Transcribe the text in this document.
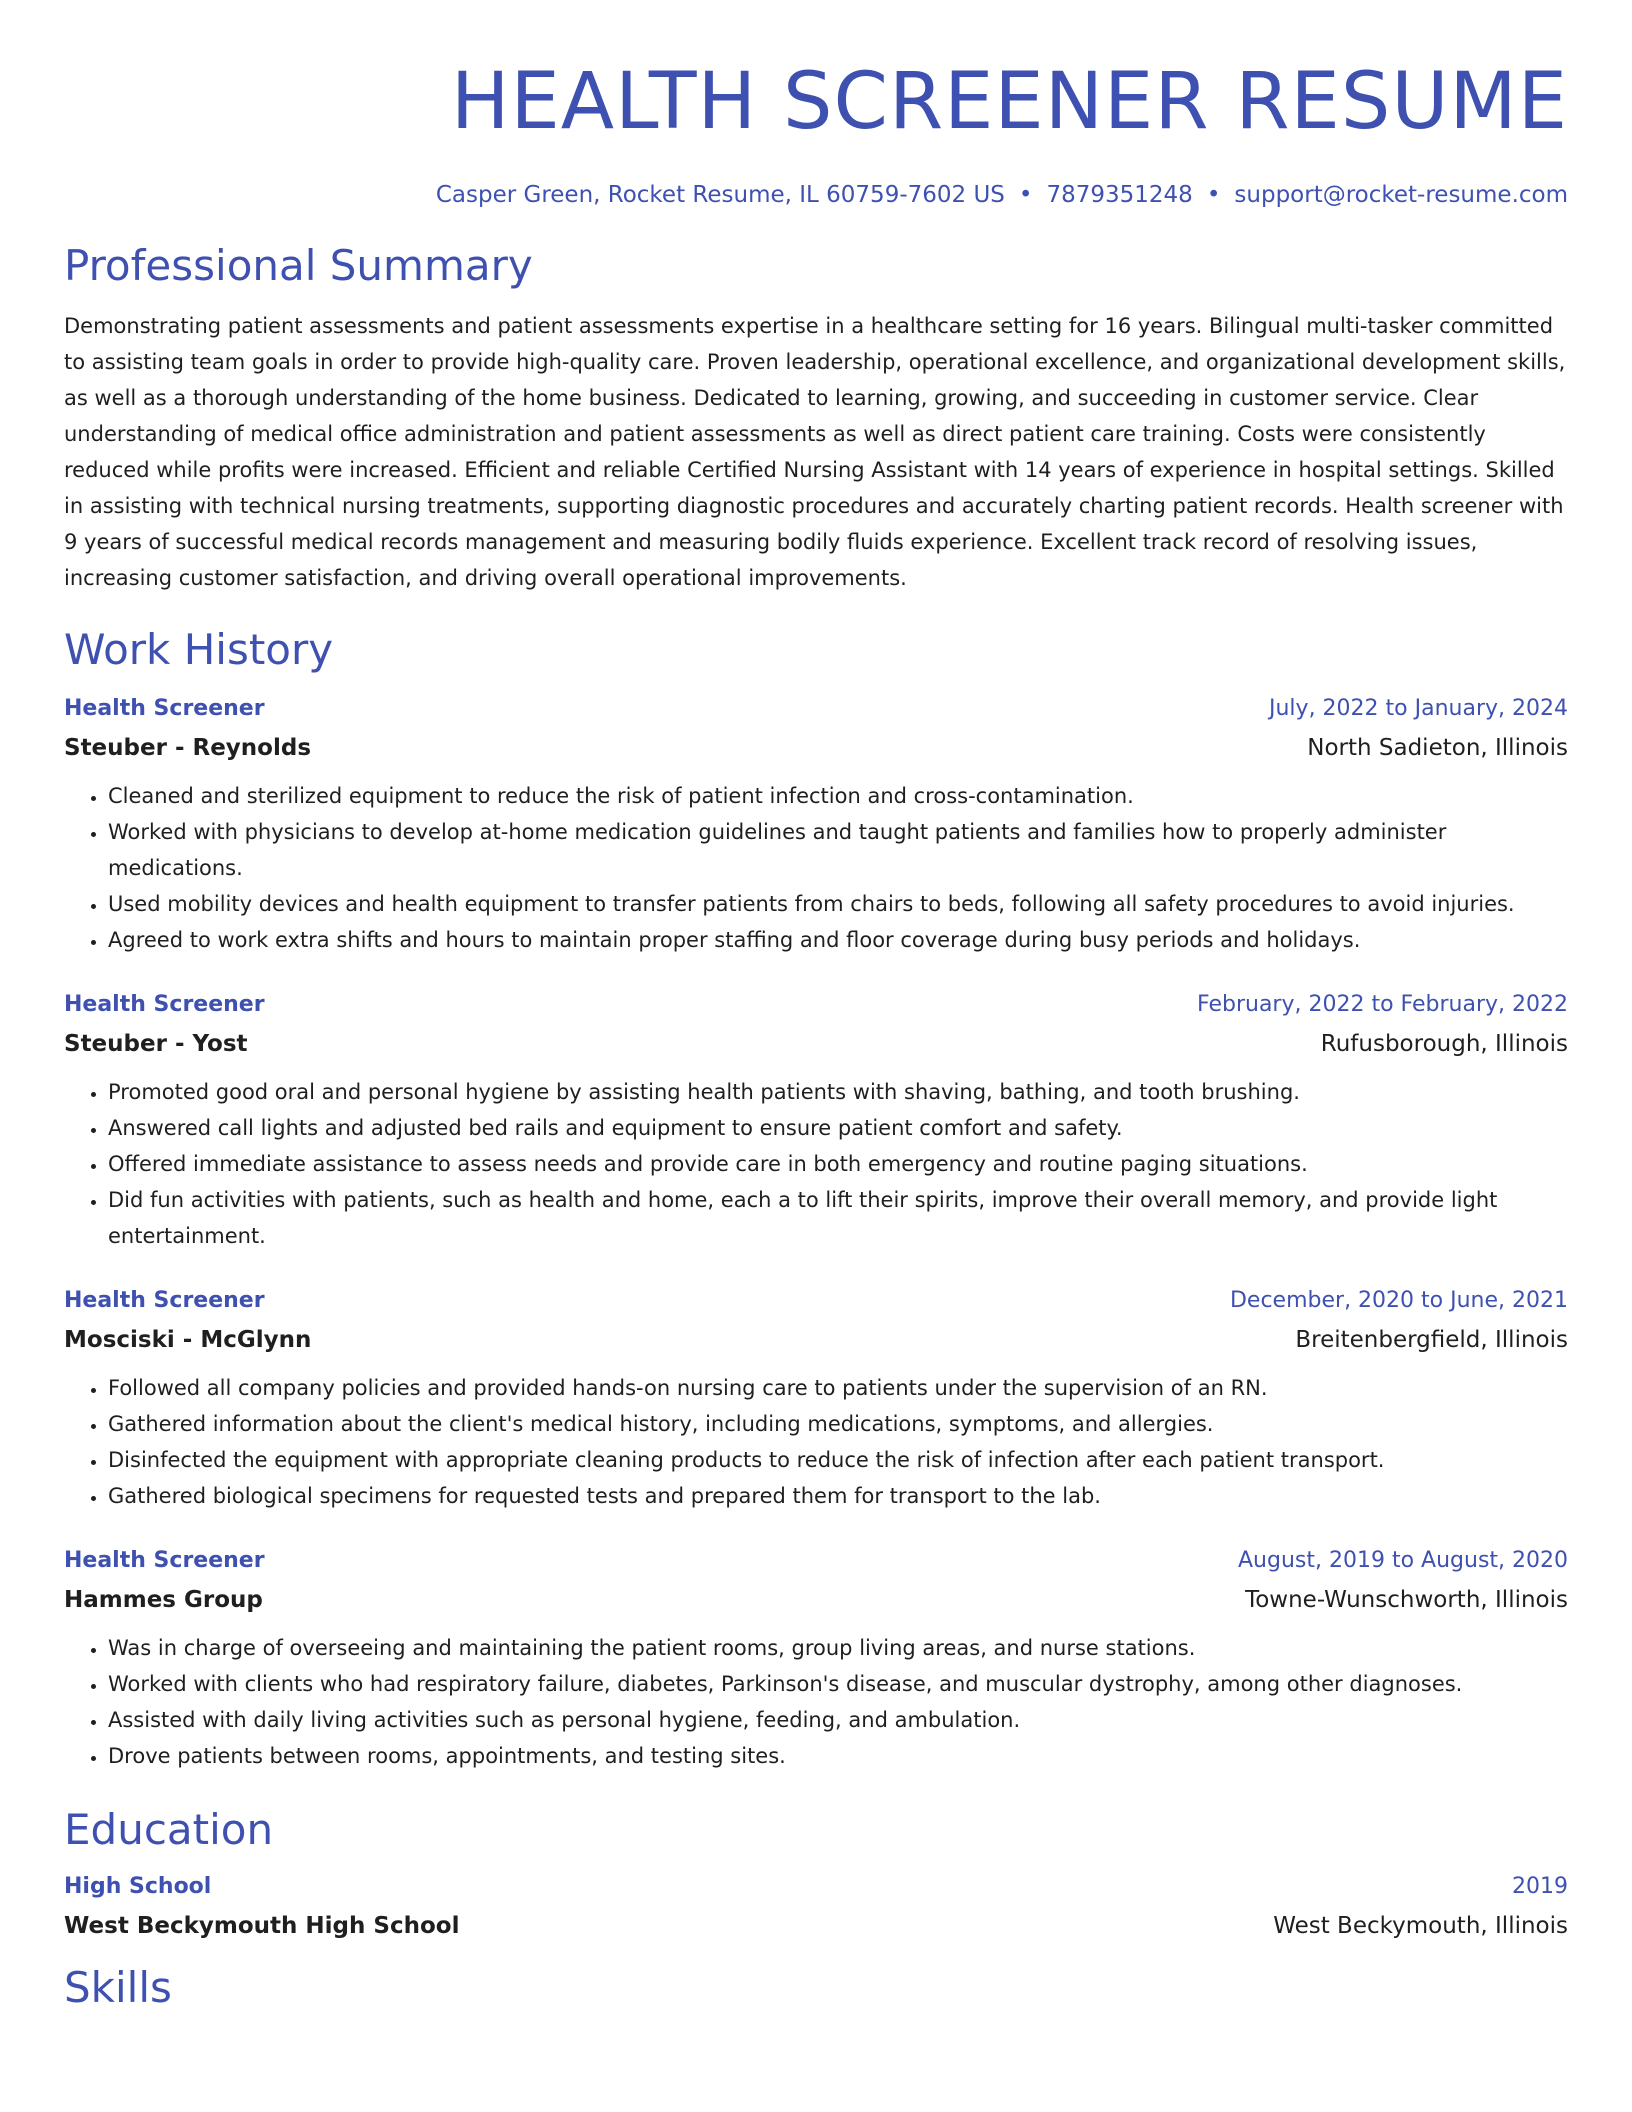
HEALTH SCREENER RESUME
Casper Green, Rocket Resume, IL 60759-7602 US • 7879351248 • support@rocket-resume.com
Professional Summary
Demonstrating patient assessments and patient assessments expertise in a healthcare setting for 16 years. Bilingual multi-tasker committed to assisting team goals in order to provide high-quality care. Proven leadership, operational excellence, and organizational development skills, as well as a thorough understanding of the home business. Dedicated to learning, growing, and succeeding in customer service. Clear understanding of medical office administration and patient assessments as well as direct patient care training. Costs were consistently reduced while profits were increased. Efficient and reliable Certified Nursing Assistant with 14 years of experience in hospital settings. Skilled in assisting with technical nursing treatments, supporting diagnostic procedures and accurately charting patient records. Health screener with 9 years of successful medical records management and measuring bodily fluids experience. Excellent track record of resolving issues, increasing customer satisfaction, and driving overall operational improvements.
Work History
Health Screener	July, 2022 to January, 2024
Steuber - Reynolds	North Sadieton, Illinois
• Cleaned and sterilized equipment to reduce the risk of patient infection and cross-contamination.
• Worked with physicians to develop at-home medication guidelines and taught patients and families how to properly administer medications.
• Used mobility devices and health equipment to transfer patients from chairs to beds, following all safety procedures to avoid injuries.
• Agreed to work extra shifts and hours to maintain proper staffing and floor coverage during busy periods and holidays.
Health Screener	February, 2022 to February, 2022
Steuber - Yost	Rufusborough, Illinois
• Promoted good oral and personal hygiene by assisting health patients with shaving, bathing, and tooth brushing.
• Answered call lights and adjusted bed rails and equipment to ensure patient comfort and safety.
• Offered immediate assistance to assess needs and provide care in both emergency and routine paging situations.
• Did fun activities with patients, such as health and home, each a to lift their spirits, improve their overall memory, and provide light entertainment.
Health Screener	December, 2020 to June, 2021
Mosciski - McGlynn	Breitenbergfield, Illinois
• Followed all company policies and provided hands-on nursing care to patients under the supervision of an RN.
• Gathered information about the client's medical history, including medications, symptoms, and allergies.
• Disinfected the equipment with appropriate cleaning products to reduce the risk of infection after each patient transport.
• Gathered biological specimens for requested tests and prepared them for transport to the lab.
Health Screener	August, 2019 to August, 2020
Hammes Group	Towne-Wunschworth, Illinois
• Was in charge of overseeing and maintaining the patient rooms, group living areas, and nurse stations.
• Worked with clients who had respiratory failure, diabetes, Parkinson's disease, and muscular dystrophy, among other diagnoses.
• Assisted with daily living activities such as personal hygiene, feeding, and ambulation.
• Drove patients between rooms, appointments, and testing sites.
Education
High School	2019
West Beckymouth High School	West Beckymouth, Illinois
Skills
